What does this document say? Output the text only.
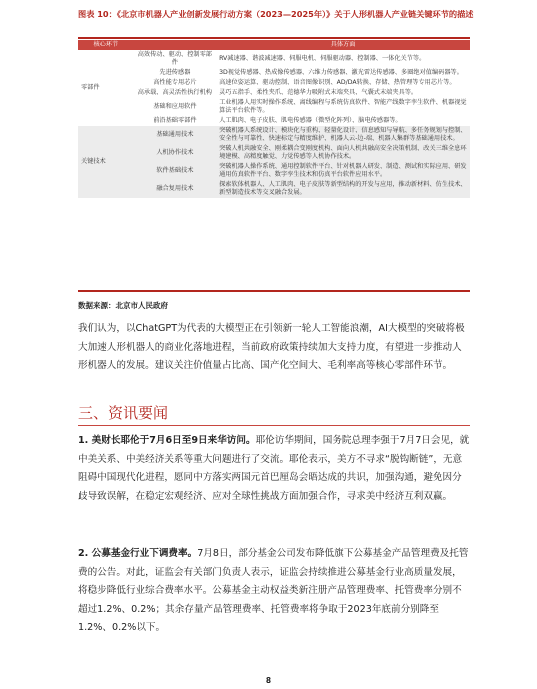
图表 10：《北京市机器人产业创新发展行动方案（2023—2025年）》关于人形机器人产业链关键环节的描述
核心环节		具体方面
零部件	高效传动、驱动、控制零部件	RV减速器、谐波减速器、伺服电机、伺服驱动器、控制器、一体化关节等。
	先进传感器	3D视觉传感器、热成像传感器、六维力传感器、激光雷达传感器、多圈绝对值编码器等。
	高性能专用芯片	高速位姿运算、驱动控制、语音图像识别、AD/DA转换、存储、热管理等专用芯片等。
	高承载、高灵活性执行机构	灵巧五指手、柔性夹爪、范德华力吸附式末端夹具、气囊式末端夹具等。
	基础和应用软件	工业机器人用实时操作系统、离线编程与系统仿真软件、智能产线数字孪生软件、机器视觉算法平台软件等。
	前沿基础零部件	人工肌肉、电子皮肤、肌电传感器（微型化阵列）、脑电传感器等。
关键技术	基础通用技术	突破机器人系统设计、模块化与重构、轻量化设计、信息感知与导航、多任务规划与控制、安全性与可靠性、快速标定与精度维护、机器人云-边-端、机器人集群等基础通用技术。
	人机协作技术	突破人机共融安全、刚柔耦合变刚度机构、面向人机共融高安全决策机制、改关三维全息环境建模、高精度触觉、力觉传感等人机协作技术。
	软件基础技术	突破机器人操作系统、通用控制软件平台、针对机器人研发、制造、测试和实际应用、研发通用仿真软件平台、数字孪生技术和仿真平台软件应用水平。
	融合复用技术	探索软体机器人、人工肌肉、电子皮肤等新型结构的开发与应用，推动新材料、仿生技术、新型制造技术等交叉融合发展。
数据来源：北京市人民政府

我们认为，以ChatGPT为代表的大模型正在引领新一轮人工智能浪潮，AI大模型的突破将极大加速人形机器人的商业化落地进程，当前政府政策持续加大支持力度，有望进一步推动人形机器人的发展。建议关注价值量占比高、国产化空间大、毛利率高等核心零部件环节。

三、资讯要闻

1. 美财长耶伦于7月6日至9日来华访问。耶伦访华期间，国务院总理李强于7月7日会见，就中美关系、中美经济关系等重大问题进行了交流。耶伦表示，美方不寻求“脱钩断链”，无意阻碍中国现代化进程，愿同中方落实两国元首巴厘岛会晤达成的共识，加强沟通，避免因分歧导致误解，在稳定宏观经济、应对全球性挑战方面加强合作，寻求美中经济互利双赢。

2. 公募基金行业下调费率。7月8日，部分基金公司发布降低旗下公募基金产品管理费及托管费的公告。对此，证监会有关部门负责人表示，证监会持续推进公募基金行业高质量发展，将稳步降低行业综合费率水平。公募基金主动权益类新注册产品管理费率、托管费率分别不超过1.2%、0.2%；其余存量产品管理费率、托管费率将争取于2023年底前分别降至1.2%、0.2%以下。

8
